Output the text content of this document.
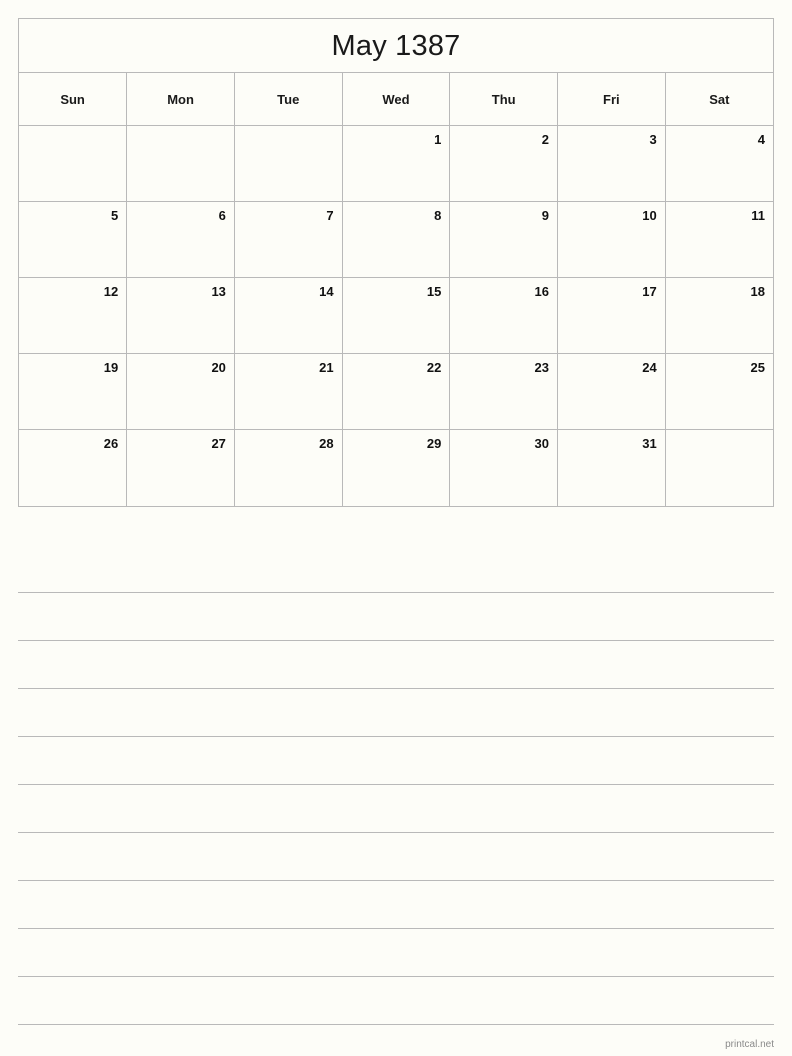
May 1387
Sun	Mon	Tue	Wed	Thu	Fri	Sat
			1	2	3	4
5	6	7	8	9	10	11
12	13	14	15	16	17	18
19	20	21	22	23	24	25
26	27	28	29	30	31	
printcal.net
